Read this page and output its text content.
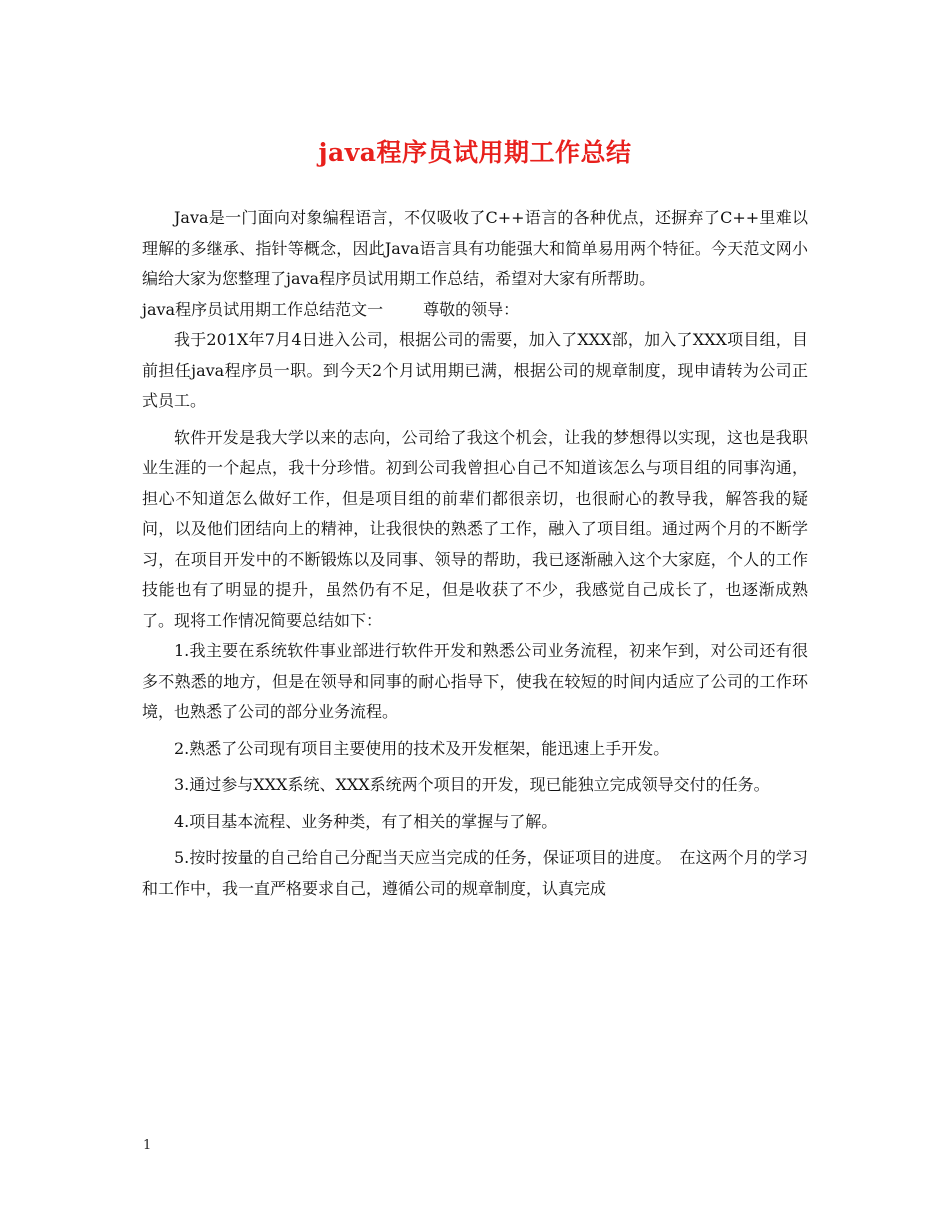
java程序员试用期工作总结

Java是一门面向对象编程语言，不仅吸收了C++语言的各种优点，还摒弃了C++里难以理解的多继承、指针等概念，因此Java语言具有功能强大和简单易用两个特征。今天范文网小编给大家为您整理了java程序员试用期工作总结，希望对大家有所帮助。

java程序员试用期工作总结范文一	尊敬的领导：

我于201X年7月4日进入公司，根据公司的需要，加入了XXX部，加入了XXX项目组，目前担任java程序员一职。到今天2个月试用期已满，根据公司的规章制度，现申请转为公司正式员工。

软件开发是我大学以来的志向，公司给了我这个机会，让我的梦想得以实现，这也是我职业生涯的一个起点，我十分珍惜。初到公司我曾担心自己不知道该怎么与项目组的同事沟通，担心不知道怎么做好工作，但是项目组的前辈们都很亲切，也很耐心的教导我，解答我的疑问，以及他们团结向上的精神，让我很快的熟悉了工作，融入了项目组。通过两个月的不断学习，在项目开发中的不断锻炼以及同事、领导的帮助，我已逐渐融入这个大家庭，个人的工作技能也有了明显的提升，虽然仍有不足，但是收获了不少，我感觉自己成长了，也逐渐成熟了。现将工作情况简要总结如下：

1.我主要在系统软件事业部进行软件开发和熟悉公司业务流程，初来乍到，对公司还有很多不熟悉的地方，但是在领导和同事的耐心指导下，使我在较短的时间内适应了公司的工作环境，也熟悉了公司的部分业务流程。

2.熟悉了公司现有项目主要使用的技术及开发框架，能迅速上手开发。

3.通过参与XXX系统、XXX系统两个项目的开发，现已能独立完成领导交付的任务。

4.项目基本流程、业务种类，有了相关的掌握与了解。

5.按时按量的自己给自己分配当天应当完成的任务，保证项目的进度。　在这两个月的学习和工作中，我一直严格要求自己，遵循公司的规章制度，认真完成

1
